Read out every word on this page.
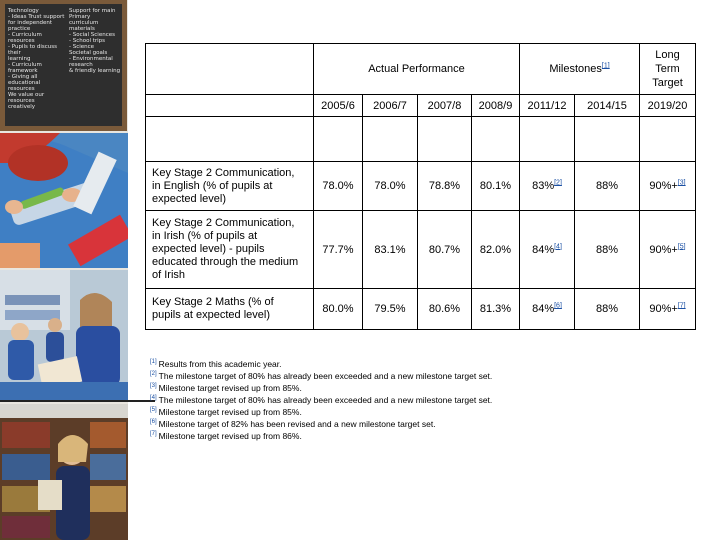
Technology
- Ideas Trust support
for independent practice
- Curriculum resources
- Pupils to discuss their
learning
- Curriculum framework
- Giving all educational
resources
We value our resources
creatively
Support for main Primary
curriculum materials
- Social Sciences
- School trips
- Science
Societal goals
- Environmental research
& friendly learning
		Actual Performance				Milestones[1]		Long Term Target
	2005/6	2006/7	2007/8	2008/9	2011/12	2014/15	2019/20

Key Stage 2 Communication,
in English (% of pupils at
expected level)	78.0%	78.0%	78.8%	80.1%	83%[2]	88%	90%+[3]

Key Stage 2 Communication,
in Irish (% of pupils at
expected level) - pupils
educated through the medium
of Irish	77.7%	83.1%	80.7%	82.0%	84%[4]	88%	90%+[5]

Key Stage 2 Maths (% of
pupils at expected level)	80.0%	79.5%	80.6%	81.3%	84%[6]	88%	90%+[7]
[1] Results from this academic year.
[2] The milestone target of 80% has already been exceeded and a new milestone target set.
[3] Milestone target revised up from 85%.
[4] The milestone target of 80% has already been exceeded and a new milestone target set.
[5] Milestone target revised up from 85%.
[6] Milestone target of 82% has been revised and a new milestone target set.
[7] Milestone target revised up from 86%.
